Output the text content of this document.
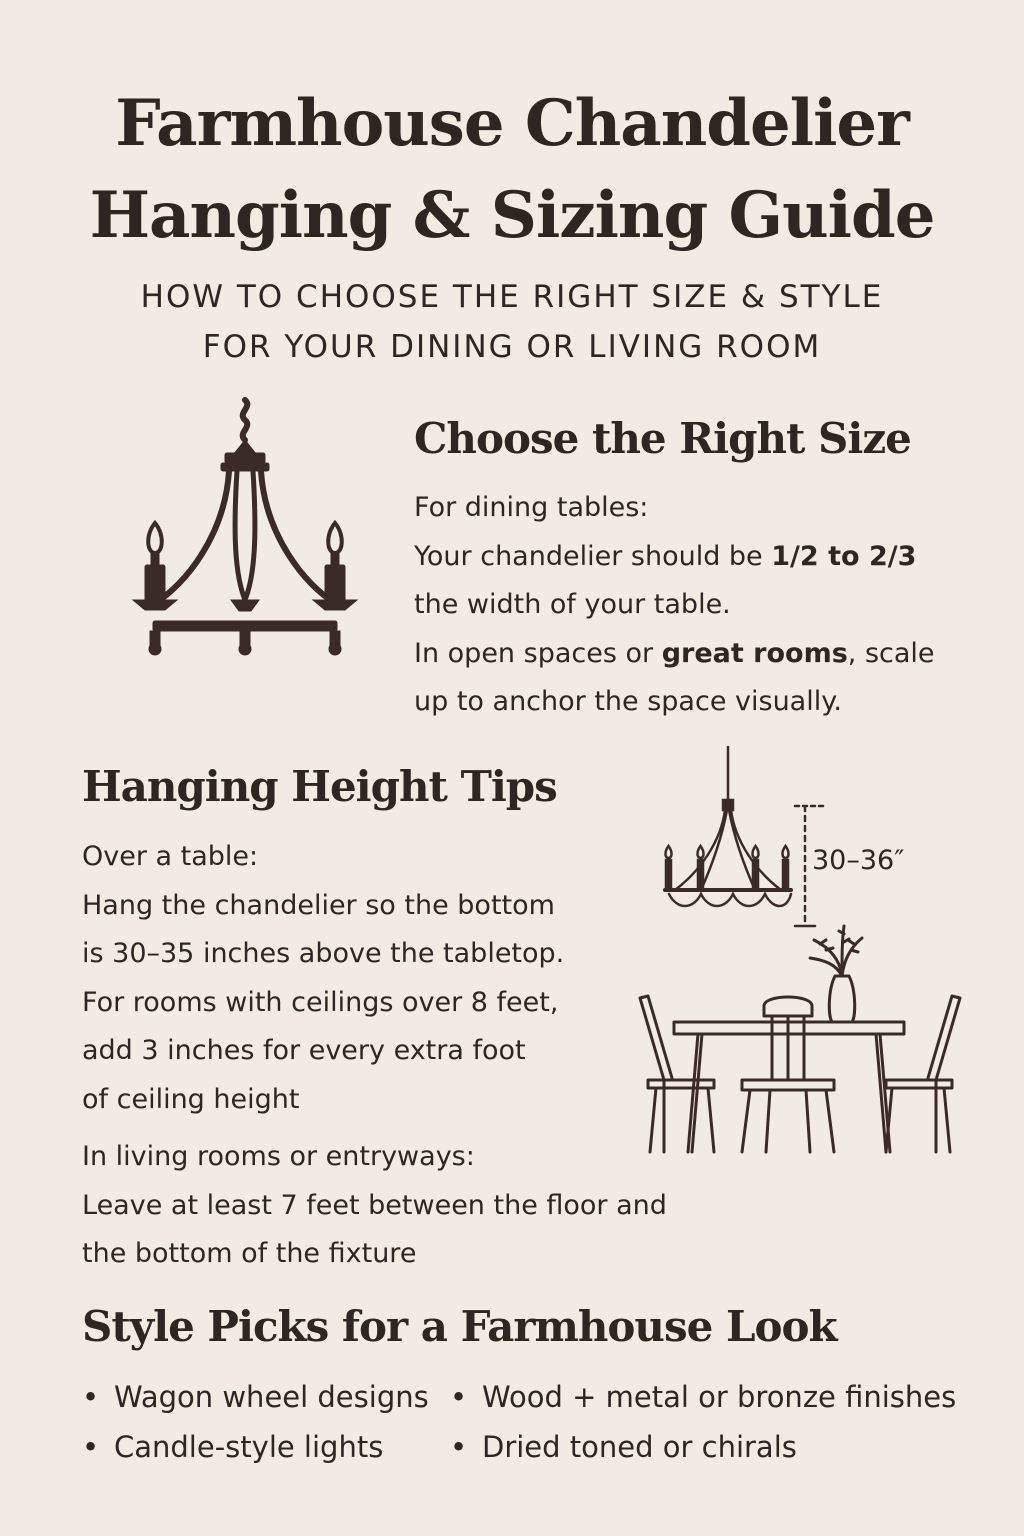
Farmhouse Chandelier
Hanging & Sizing Guide
HOW TO CHOOSE THE RIGHT SIZE & STYLE
FOR YOUR DINING OR LIVING ROOM
Choose the Right Size
For dining tables:
Your chandelier should be 1/2 to 2/3
the width of your table.
In open spaces or great rooms, scale
up to anchor the space visually.
Hanging Height Tips
Over a table:
Hang the chandelier so the bottom
is 30–35 inches above the tabletop.
For rooms with ceilings over 8 feet,
add 3 inches for every extra foot
of ceiling height
In living rooms or entryways:
Leave at least 7 feet between the floor and
the bottom of the fixture
30–36″
Style Picks for a Farmhouse Look
• Wagon wheel designs
• Candle-style lights
• Wood + metal or bronze finishes
• Dried toned or chirals
